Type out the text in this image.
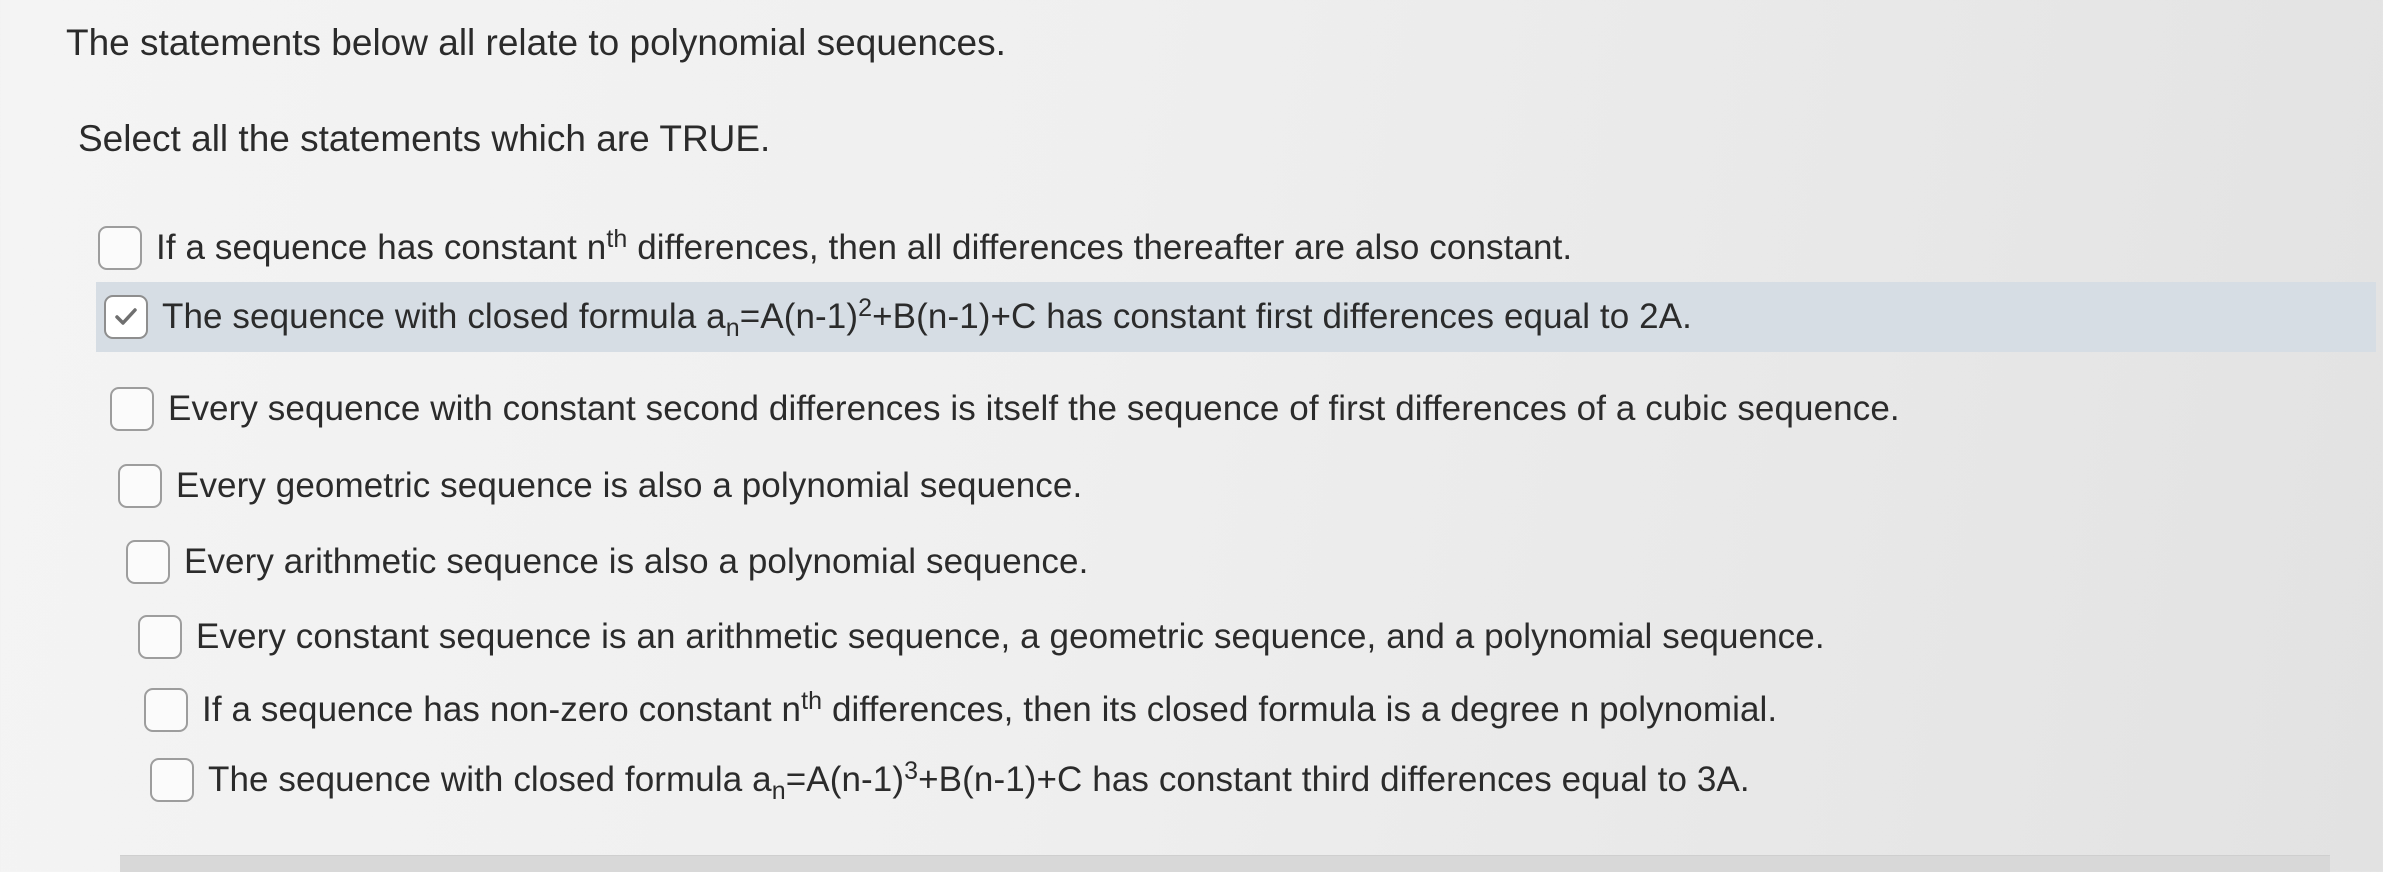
The statements below all relate to polynomial sequences.
Select all the statements which are TRUE.
If a sequence has constant $n^{th}$ differences, then all differences thereafter are also constant.
The sequence with closed formula $a_n=A(n-1)^2+B(n-1)+C$ has constant first differences equal to 2A.
Every sequence with constant second differences is itself the sequence of first differences of a cubic sequence.
Every geometric sequence is also a polynomial sequence.
Every arithmetic sequence is also a polynomial sequence.
Every constant sequence is an arithmetic sequence, a geometric sequence, and a polynomial sequence.
If a sequence has non-zero constant $n^{th}$ differences, then its closed formula is a degree n polynomial.
The sequence with closed formula $a_n=A(n-1)^3+B(n-1)+C$ has constant third differences equal to 3A.
